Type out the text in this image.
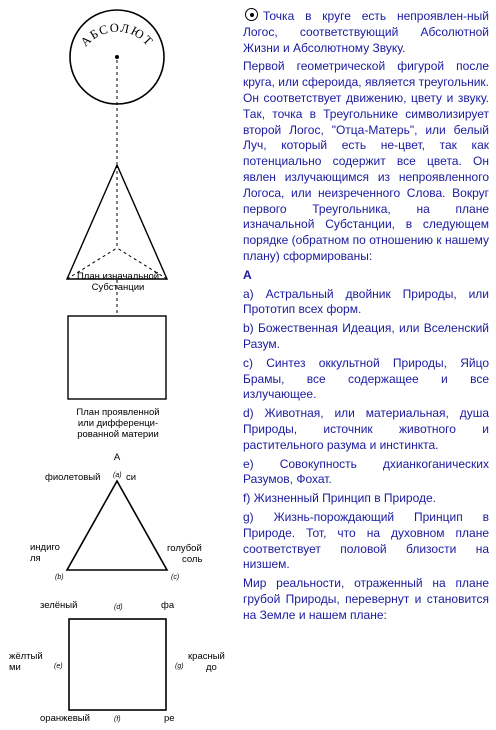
АБСОЛЮТ
План изначальной
Субстанции
План проявленной
или дифференци-
рованной материи
А
фиолетовый (a) си
индиго
ля
(b)
голубой
соль
(c)
зелёный	(d)	фа
жёлтый
ми	(e)
красный
до
(g)
оранжевый	(f)	ре

Точка в круге есть непроявлен-ный Логос, соответствующий Абсолютной Жизни и Абсолютному Звуку.

Первой геометрической фигурой после круга, или сфероида, является треугольник. Он соответствует движению, цвету и звуку. Так, точка в Треугольнике символизирует второй Логос, "Отца-Матерь", или белый Луч, который есть не-цвет, так как потенциально содержит все цвета. Он явлен излучающимся из непроявленного Логоса, или неизреченного Слова. Вокруг первого Треугольника, на плане изначальной Субстанции, в следующем порядке (обратном по отношению к нашему плану) сформированы:

А

a) Астральный двойник Природы, или Прототип всех форм.

b) Божественная Идеация, или Вселенский Разум.

c) Синтез оккультной Природы, Яйцо Брамы, все содержащее и все излучающее.

d) Животная, или материальная, душа Природы, источник животного и растительного разума и инстинкта.

e) Совокупность дхианкоганических Разумов, Фохат.

f) Жизненный Принцип в Природе.

g) Жизнь-порождающий Принцип в Природе. Тот, что на духовном плане соответствует половой близости на низшем.

Мир реальности, отраженный на плане грубой Природы, перевернут и становится на Земле и нашем плане:
